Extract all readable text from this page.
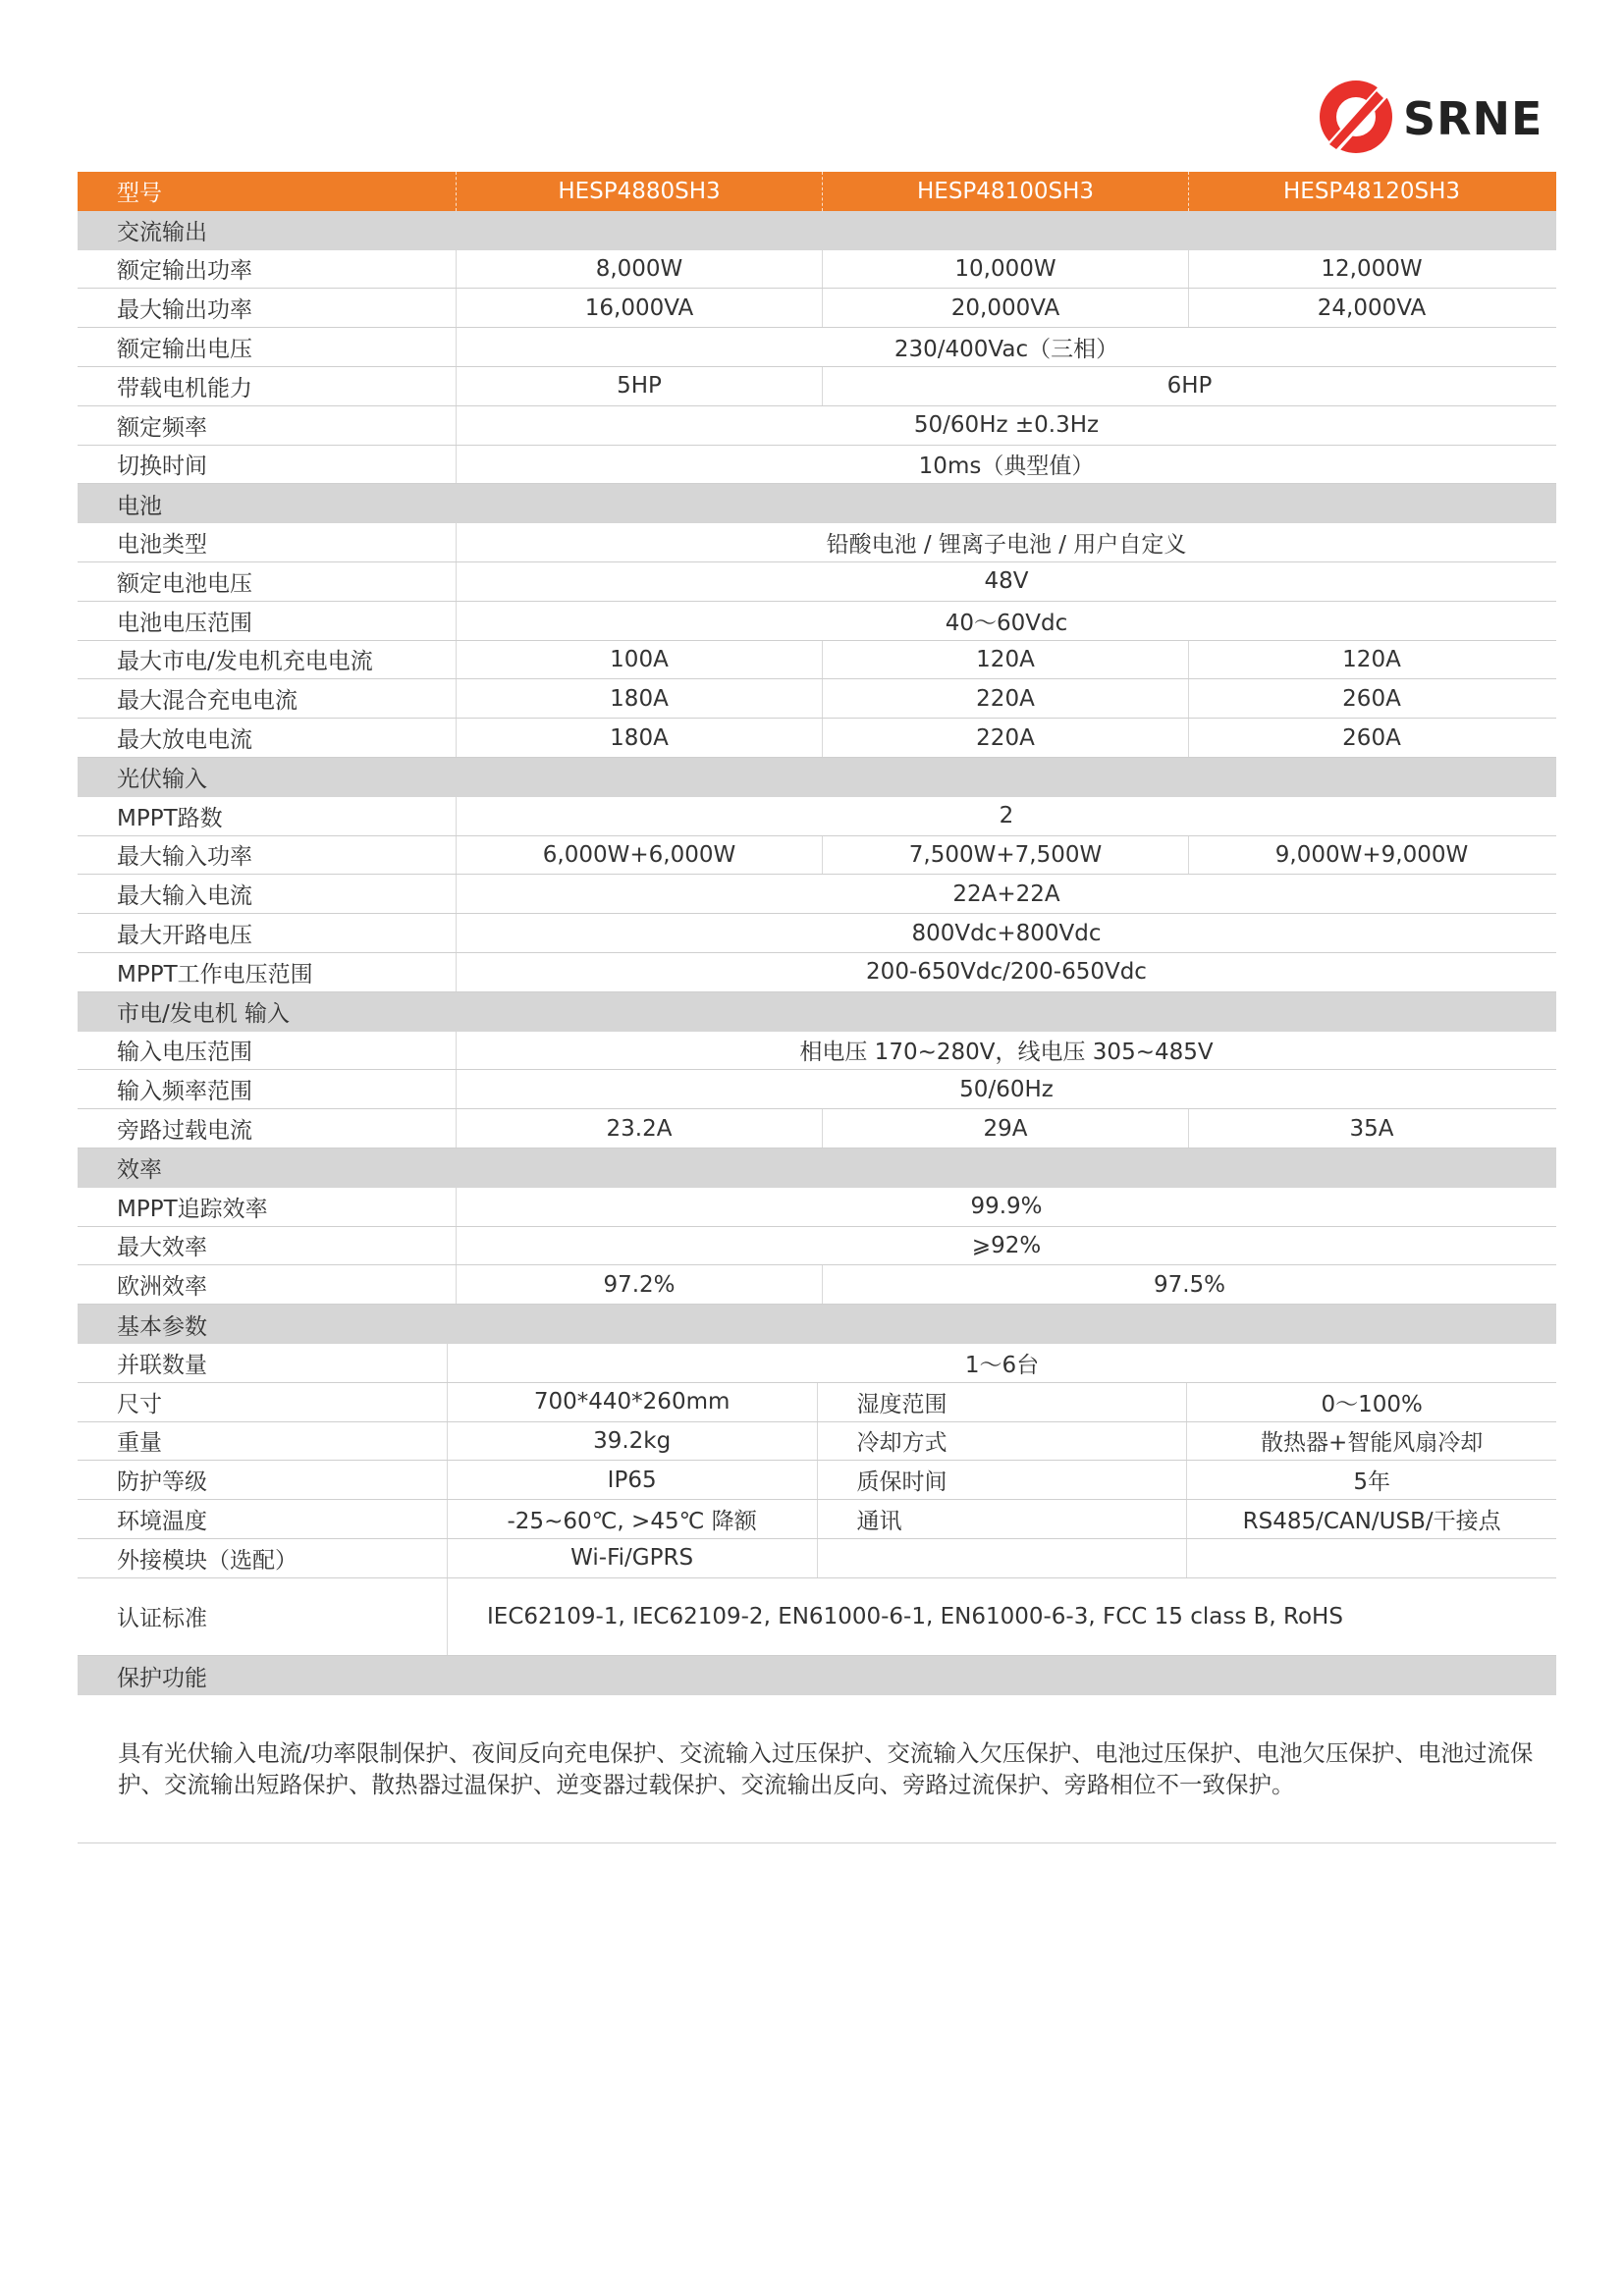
SRNE
型号	HESP4880SH3	HESP48100SH3	HESP48120SH3
交流输出
额定输出功率	8,000W	10,000W	12,000W
最大输出功率	16,000VA	20,000VA	24,000VA
额定输出电压	230/400Vac（三相）
带载电机能力	5HP	6HP
额定频率	50/60Hz ±0.3Hz
切换时间	10ms（典型值）
电池
电池类型	铅酸电池 / 锂离子电池 / 用户自定义
额定电池电压	48V
电池电压范围	40～60Vdc
最大市电/发电机充电电流	100A	120A	120A
最大混合充电电流	180A	220A	260A
最大放电电流	180A	220A	260A
光伏输入
MPPT路数	2
最大输入功率	6,000W+6,000W	7,500W+7,500W	9,000W+9,000W
最大输入电流	22A+22A
最大开路电压	800Vdc+800Vdc
MPPT工作电压范围	200-650Vdc/200-650Vdc
市电/发电机 输入
输入电压范围	相电压 170~280V，线电压 305~485V
输入频率范围	50/60Hz
旁路过载电流	23.2A	29A	35A
效率
MPPT追踪效率	99.9%
最大效率	⩾92%
欧洲效率	97.2%	97.5%
基本参数
并联数量	1～6台
尺寸	700*440*260mm	湿度范围	0～100%
重量	39.2kg	冷却方式	散热器+智能风扇冷却
防护等级	IP65	质保时间	5年
环境温度	-25~60℃, >45℃ 降额	通讯	RS485/CAN/USB/干接点
外接模块（选配）	Wi-Fi/GPRS
认证标准	IEC62109-1, IEC62109-2, EN61000-6-1, EN61000-6-3, FCC 15 class B, RoHS
保护功能
具有光伏输入电流/功率限制保护、夜间反向充电保护、交流输入过压保护、交流输入欠压保护、电池过压保护、电池欠压保护、电池过流保护、交流输出短路保护、散热器过温保护、逆变器过载保护、交流输出反向、旁路过流保护、旁路相位不一致保护。
